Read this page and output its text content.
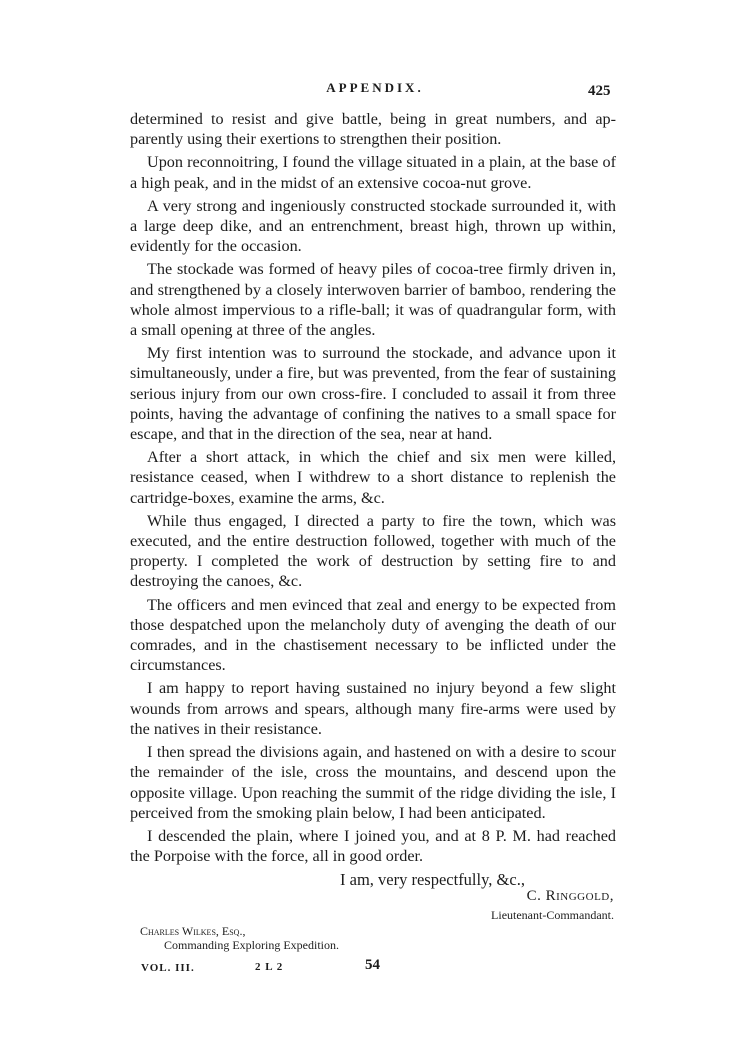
APPENDIX.	425

determined to resist and give battle, being in great numbers, and apparently using their exertions to strengthen their position.

Upon reconnoitring, I found the village situated in a plain, at the base of a high peak, and in the midst of an extensive cocoa-nut grove.

A very strong and ingeniously constructed stockade surrounded it, with a large deep dike, and an entrenchment, breast high, thrown up within, evidently for the occasion.

The stockade was formed of heavy piles of cocoa-tree firmly driven in, and strengthened by a closely interwoven barrier of bamboo, rendering the whole almost impervious to a rifle-ball; it was of quadrangular form, with a small opening at three of the angles.

My first intention was to surround the stockade, and advance upon it simultaneously, under a fire, but was prevented, from the fear of sustaining serious injury from our own cross-fire. I concluded to assail it from three points, having the advantage of confining the natives to a small space for escape, and that in the direction of the sea, near at hand.

After a short attack, in which the chief and six men were killed, resistance ceased, when I withdrew to a short distance to replenish the cartridge-boxes, examine the arms, &c.

While thus engaged, I directed a party to fire the town, which was executed, and the entire destruction followed, together with much of the property. I completed the work of destruction by setting fire to and destroying the canoes, &c.

The officers and men evinced that zeal and energy to be expected from those despatched upon the melancholy duty of avenging the death of our comrades, and in the chastisement necessary to be inflicted under the circumstances.

I am happy to report having sustained no injury beyond a few slight wounds from arrows and spears, although many fire-arms were used by the natives in their resistance.

I then spread the divisions again, and hastened on with a desire to scour the remainder of the isle, cross the mountains, and descend upon the opposite village. Upon reaching the summit of the ridge dividing the isle, I perceived from the smoking plain below, I had been anticipated.

I descended the plain, where I joined you, and at 8 P. M. had reached the Porpoise with the force, all in good order.

I am, very respectfully, &c.,
C. Ringgold,
Lieutenant-Commandant.
Charles Wilkes, Esq.,
Commanding Exploring Expedition.
VOL. III.	2 L 2	54
